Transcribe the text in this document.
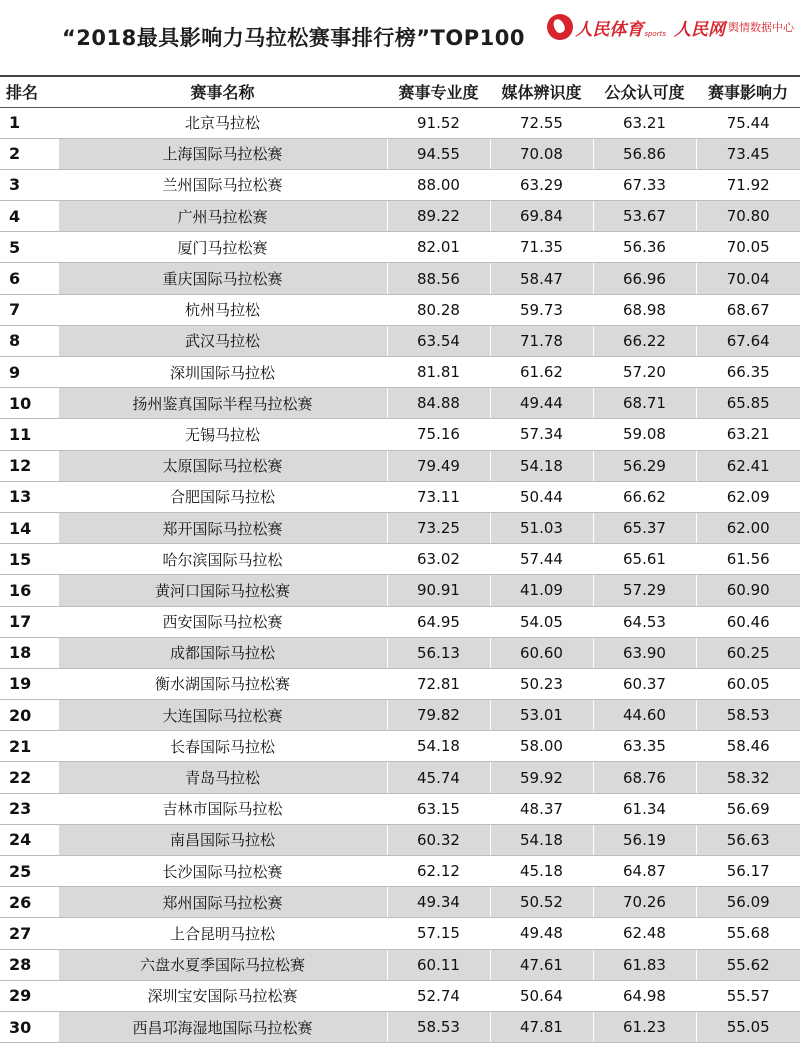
“2018最具影响力马拉松赛事排行榜”TOP100	人民体育 sports 人民网 舆情数据中心
排名	赛事名称	赛事专业度	媒体辨识度	公众认可度	赛事影响力
1	北京马拉松	91.52	72.55	63.21	75.44
2	上海国际马拉松赛	94.55	70.08	56.86	73.45
3	兰州国际马拉松赛	88.00	63.29	67.33	71.92
4	广州马拉松赛	89.22	69.84	53.67	70.80
5	厦门马拉松赛	82.01	71.35	56.36	70.05
6	重庆国际马拉松赛	88.56	58.47	66.96	70.04
7	杭州马拉松	80.28	59.73	68.98	68.67
8	武汉马拉松	63.54	71.78	66.22	67.64
9	深圳国际马拉松	81.81	61.62	57.20	66.35
10	扬州鉴真国际半程马拉松赛	84.88	49.44	68.71	65.85
11	无锡马拉松	75.16	57.34	59.08	63.21
12	太原国际马拉松赛	79.49	54.18	56.29	62.41
13	合肥国际马拉松	73.11	50.44	66.62	62.09
14	郑开国际马拉松赛	73.25	51.03	65.37	62.00
15	哈尔滨国际马拉松	63.02	57.44	65.61	61.56
16	黄河口国际马拉松赛	90.91	41.09	57.29	60.90
17	西安国际马拉松赛	64.95	54.05	64.53	60.46
18	成都国际马拉松	56.13	60.60	63.90	60.25
19	衡水湖国际马拉松赛	72.81	50.23	60.37	60.05
20	大连国际马拉松赛	79.82	53.01	44.60	58.53
21	长春国际马拉松	54.18	58.00	63.35	58.46
22	青岛马拉松	45.74	59.92	68.76	58.32
23	吉林市国际马拉松	63.15	48.37	61.34	56.69
24	南昌国际马拉松	60.32	54.18	56.19	56.63
25	长沙国际马拉松赛	62.12	45.18	64.87	56.17
26	郑州国际马拉松赛	49.34	50.52	70.26	56.09
27	上合昆明马拉松	57.15	49.48	62.48	55.68
28	六盘水夏季国际马拉松赛	60.11	47.61	61.83	55.62
29	深圳宝安国际马拉松赛	52.74	50.64	64.98	55.57
30	西昌邛海湿地国际马拉松赛	58.53	47.81	61.23	55.05
